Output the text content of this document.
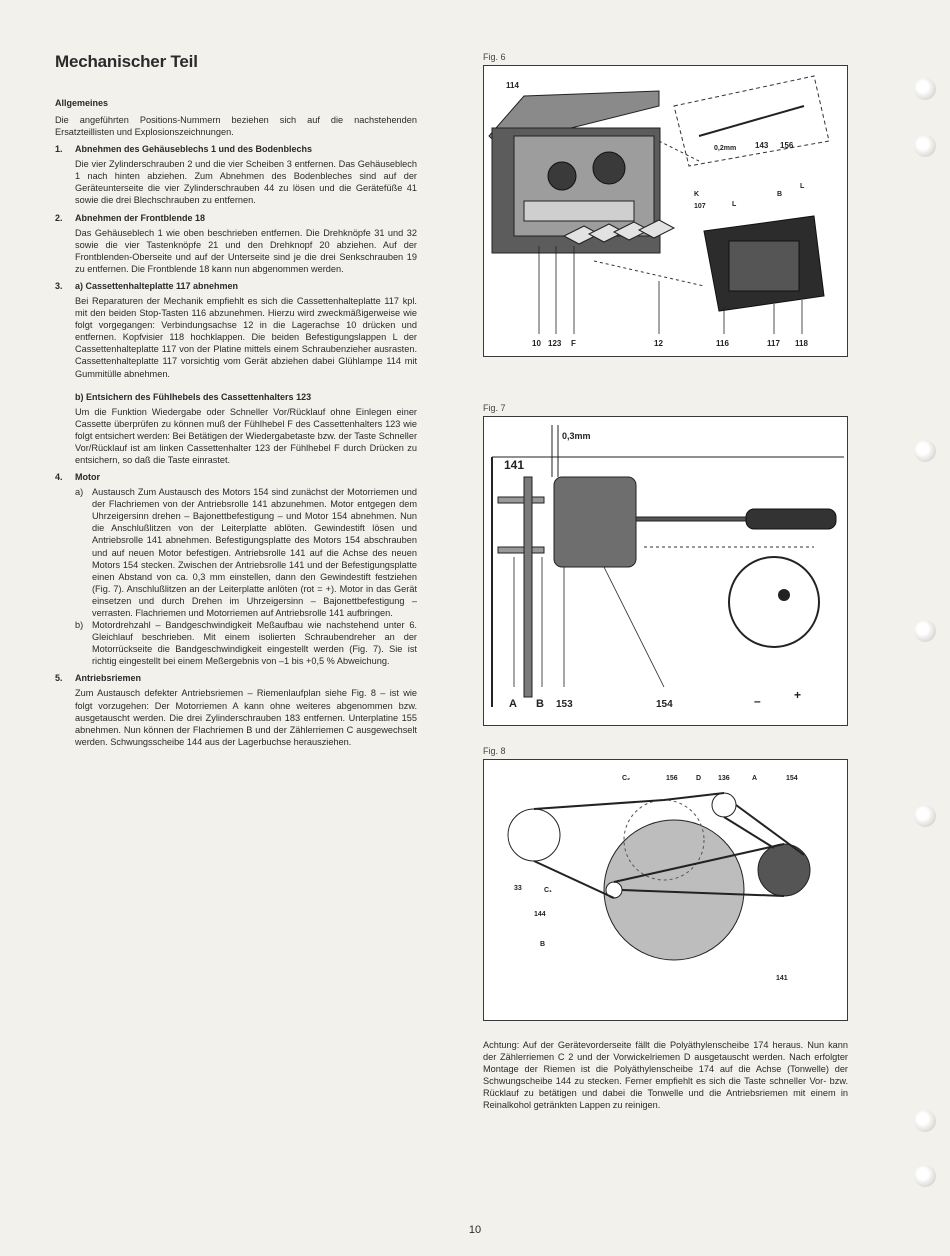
Mechanischer Teil
Allgemeines

Die angeführten Positions-Nummern beziehen sich auf die nachstehenden Ersatzteillisten und Explosionszeichnungen.

1.	Abnehmen des Gehäuseblechs 1 und des Bodenblechs

Die vier Zylinderschrauben 2 und die vier Scheiben 3 entfernen. Das Gehäuseblech 1 nach hinten abziehen. Zum Abnehmen des Bodenbleches sind auf der Geräteunterseite die vier Zylinderschrauben 44 zu lösen und die Gerätefüße 41 sowie die drei Blechschrauben zu entfernen.

2.	Abnehmen der Frontblende 18

Das Gehäuseblech 1 wie oben beschrieben entfernen. Die Drehknöpfe 31 und 32 sowie die vier Tastenknöpfe 21 und den Drehknopf 20 abziehen. Auf der Frontblenden-Oberseite und auf der Unterseite sind je die drei Senkschrauben 19 zu entfernen. Die Frontblende 18 kann nun abgenommen werden.

3.	a) Cassettenhalteplatte 117 abnehmen

Bei Reparaturen der Mechanik empfiehlt es sich die Cassettenhalteplatte 117 kpl. mit den beiden Stop-Tasten 116 abzunehmen. Hierzu wird zweckmäßigerweise wie folgt vorgegangen: Verbindungsachse 12 in die Lagerachse 10 drücken und entfernen. Kopfvisier 118 hochklappen. Die beiden Befestigungslappen L der Cassettenhalteplatte 117 von der Platine mittels einem Schraubenzieher ausrasten. Cassettenhalteplatte 117 vorsichtig vom Gerät abziehen dabei Glühlampe 114 mit Gummitülle abnehmen.

b) Entsichern des Fühlhebels des Cassettenhalters 123

Um die Funktion Wiedergabe oder Schneller Vor/Rücklauf ohne Einlegen einer Cassette überprüfen zu können muß der Fühlhebel F des Cassettenhalters 123 wie folgt entsichert werden: Bei Betätigen der Wiedergabetaste bzw. der Taste Schneller Vor/Rücklauf ist am linken Cassettenhalter 123 der Fühlhebel F durch Drücken zu entsichern, so daß die Taste einrastet.

4.	Motor
a) Austausch Zum Austausch des Motors 154 sind zunächst der Motorriemen und der Flachriemen von der Antriebsrolle 141 abzunehmen. Motor entgegen dem Uhrzeigersinn drehen – Bajonettbefestigung – und Motor 154 abnehmen. Nun die Anschlußlitzen von der Leiterplatte ablöten. Gewindestift lösen und Antriebsrolle 141 abnehmen. Befestigungsplatte des Motors 154 abschrauben und auf neuen Motor befestigen. Antriebsrolle 141 auf die Achse des neuen Motors 154 stecken. Zwischen der Antriebsrolle 141 und der Befestigungsplatte einen Abstand von ca. 0,3 mm einstellen, dann den Gewindestift festziehen (Fig. 7). Anschlußlitzen an der Leiterplatte anlöten (rot = +). Motor in das Gerät einsetzen und durch Drehen im Uhrzeigersinn – Bajonettbefestigung – verrasten. Flachriemen und Motorriemen auf Antriebsrolle 141 aufbringen.

b) Motordrehzahl – Bandgeschwindigkeit Meßaufbau wie nachstehend unter 6. Gleichlauf beschrieben. Mit einem isolierten Schraubendreher an der Motorrückseite die Bandgeschwindigkeit eingestellt werden (Fig. 7). Sie ist richtig eingestellt bei einem Meßergebnis von –1 bis +0,5 % Abweichung.

5.	Antriebsriemen

Zum Austausch defekter Antriebsriemen – Riemenlaufplan siehe Fig. 8 – ist wie folgt vorzugehen: Der Motorriemen A kann ohne weiteres abgenommen bzw. ausgetauscht werden. Die drei Zylinderschrauben 183 entfernen. Unterplatine 155 abnehmen. Nun können der Flachriemen B und der Zählerriemen C ausgewechselt werden. Schwungsscheibe 144 aus der Lagerbuchse herausziehen.

Fig. 6
114
0,2mm 143 156
K
107	L
B
L
10 123 F	12	116	117 118
Fig. 7
0,3mm
141
A B 153	154	–	+
Fig. 8
C₂	156	D 136	A	154
33	C₁
144
B
141

Achtung: Auf der Gerätevorderseite fällt die Polyäthylenscheibe 174 heraus. Nun kann der Zählerriemen C 2 und der Vorwickelriemen D ausgetauscht werden. Nach erfolgter Montage der Riemen ist die Polyäthylenscheibe 174 auf die Achse (Tonwelle) der Schwungscheibe 144 zu stecken. Ferner empfiehlt es sich die Taste schneller Vor- bzw. Rücklauf zu betätigen und dabei die Tonwelle und die Antriebsriemen mit einem in Reinalkohol getränkten Lappen zu reinigen.

10
